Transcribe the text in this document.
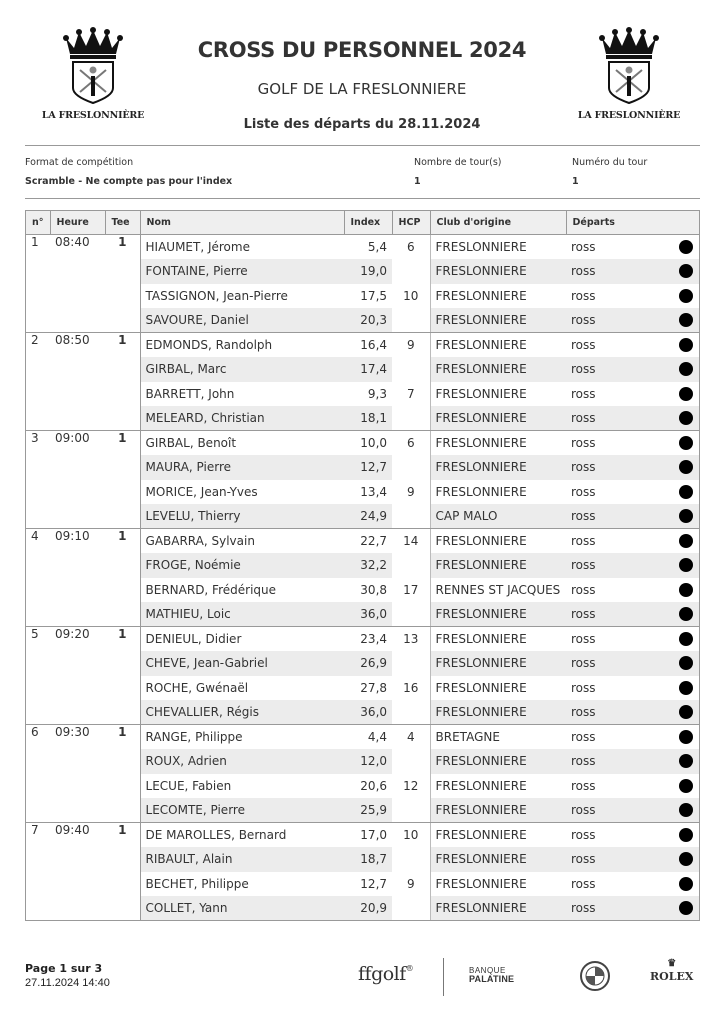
LA FRESLONNIÈRE	LA FRESLONNIÈRE
CROSS DU PERSONNEL 2024
GOLF DE LA FRESLONNIERE
Liste des départs du 28.11.2024
Format de compétition
Scramble - Ne compte pas pour l'index
Nombre de tour(s)
1
Numéro du tour
1
n°	Heure	Tee	Nom	Index	HCP	Club d'origine	Départs
1	08:40	1	HIAUMET, Jérome	5,4	6	FRESLONNIERE	ross

			FONTAINE, Pierre	19,0		FRESLONNIERE	ross

			TASSIGNON, Jean-Pierre	17,5	10	FRESLONNIERE	ross

			SAVOURE, Daniel	20,3		FRESLONNIERE	ross

2	08:50	1	EDMONDS, Randolph	16,4	9	FRESLONNIERE	ross

			GIRBAL, Marc	17,4		FRESLONNIERE	ross

			BARRETT, John	9,3	7	FRESLONNIERE	ross

			MELEARD, Christian	18,1		FRESLONNIERE	ross

3	09:00	1	GIRBAL, Benoît	10,0	6	FRESLONNIERE	ross

			MAURA, Pierre	12,7		FRESLONNIERE	ross

			MORICE, Jean-Yves	13,4	9	FRESLONNIERE	ross

			LEVELU, Thierry	24,9		CAP MALO	ross

4	09:10	1	GABARRA, Sylvain	22,7	14	FRESLONNIERE	ross

			FROGE, Noémie	32,2		FRESLONNIERE	ross

			BERNARD, Frédérique	30,8	17	RENNES ST JACQUES	ross

			MATHIEU, Loic	36,0		FRESLONNIERE	ross

5	09:20	1	DENIEUL, Didier	23,4	13	FRESLONNIERE	ross

			CHEVE, Jean-Gabriel	26,9		FRESLONNIERE	ross

			ROCHE, Gwénaël	27,8	16	FRESLONNIERE	ross

			CHEVALLIER, Régis	36,0		FRESLONNIERE	ross

6	09:30	1	RANGE, Philippe	4,4	4	BRETAGNE	ross

			ROUX, Adrien	12,0		FRESLONNIERE	ross

			LECUE, Fabien	20,6	12	FRESLONNIERE	ross

			LECOMTE, Pierre	25,9		FRESLONNIERE	ross

7	09:40	1	DE MAROLLES, Bernard	17,0	10	FRESLONNIERE	ross

			RIBAULT, Alain	18,7		FRESLONNIERE	ross

			BECHET, Philippe	12,7	9	FRESLONNIERE	ross

			COLLET, Yann	20,9		FRESLONNIERE	ross
Page 1 sur 3
27.11.2024 14:40	ffgolf®	BANQUE
PALATINE
♛
ROLEX
